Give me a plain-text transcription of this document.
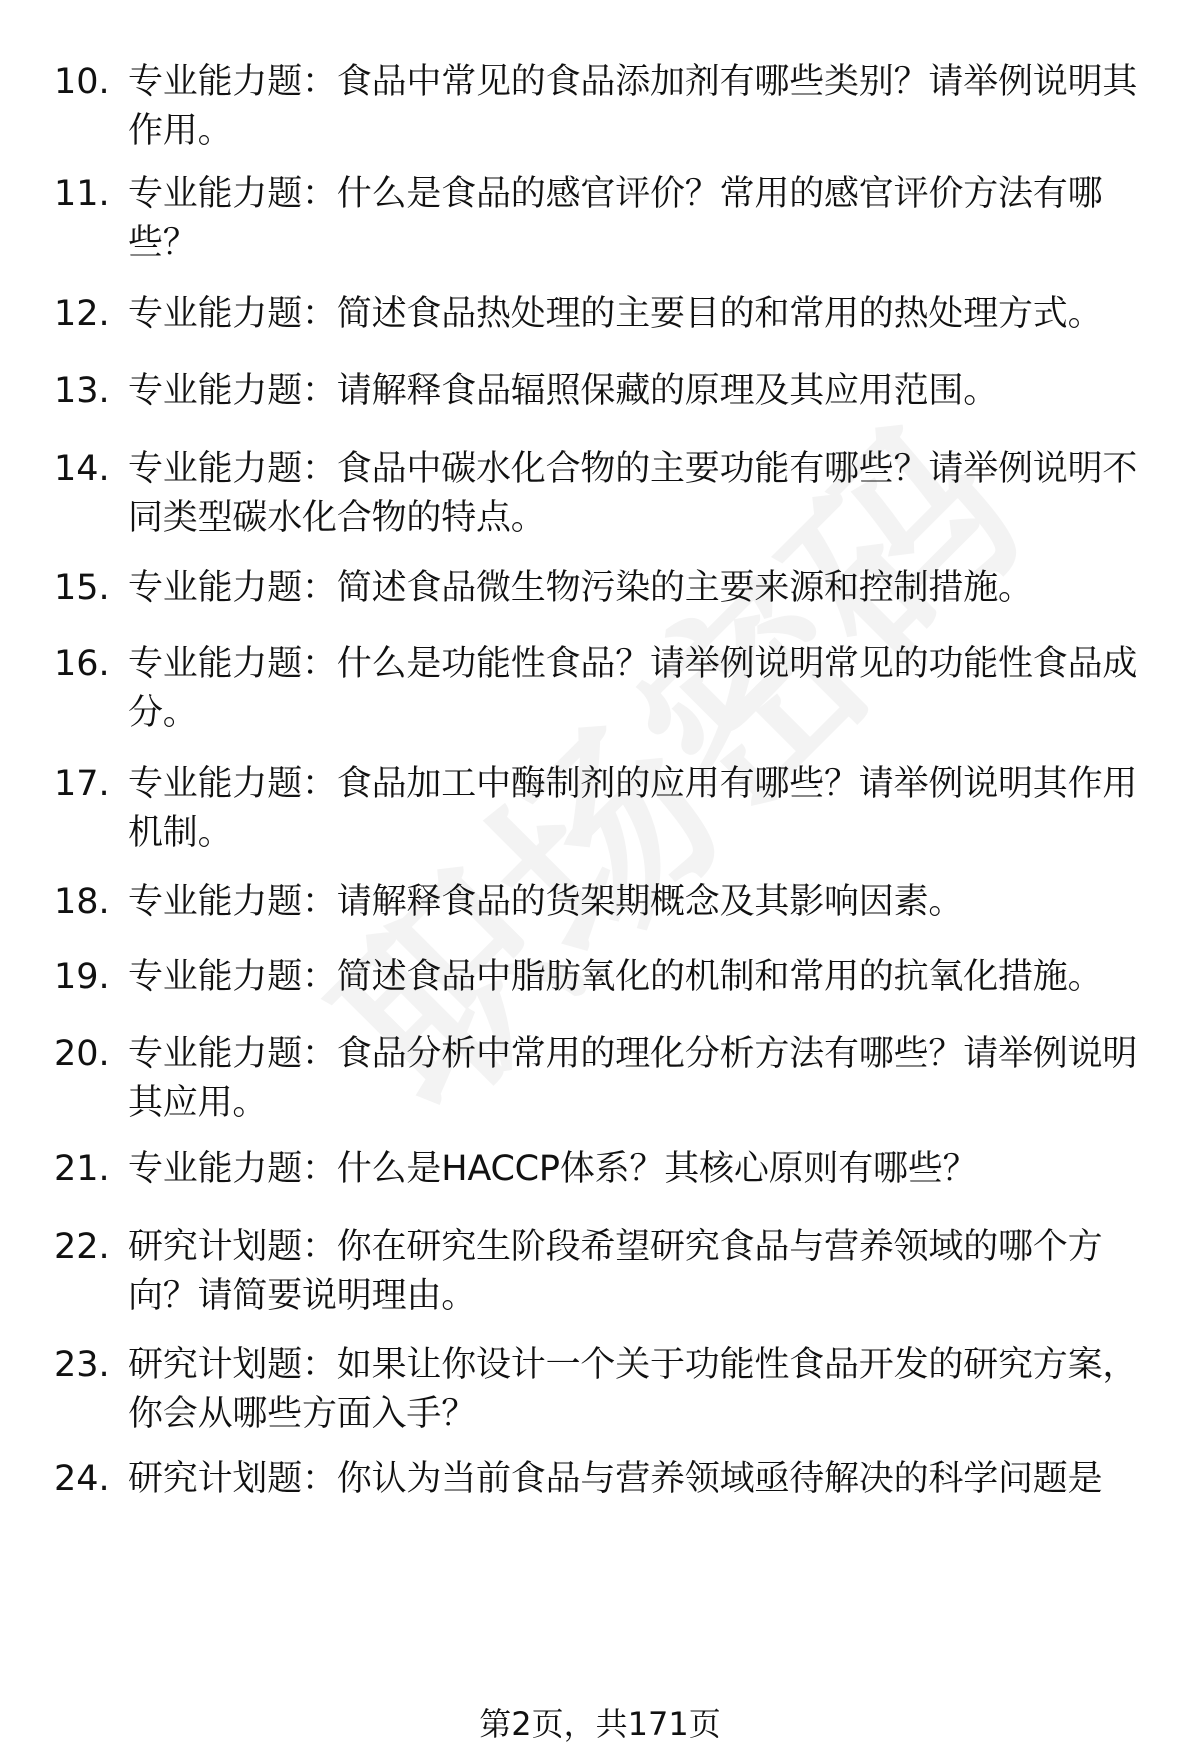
10. 专业能力题：食品中常见的食品添加剂有哪些类别？请举例说明其作用。
11. 专业能力题：什么是食品的感官评价？常用的感官评价方法有哪些？
12. 专业能力题：简述食品热处理的主要目的和常用的热处理方式。
13. 专业能力题：请解释食品辐照保藏的原理及其应用范围。
14. 专业能力题：食品中碳水化合物的主要功能有哪些？请举例说明不同类型碳水化合物的特点。
15. 专业能力题：简述食品微生物污染的主要来源和控制措施。
16. 专业能力题：什么是功能性食品？请举例说明常见的功能性食品成分。
17. 专业能力题：食品加工中酶制剂的应用有哪些？请举例说明其作用机制。
18. 专业能力题：请解释食品的货架期概念及其影响因素。
19. 专业能力题：简述食品中脂肪氧化的机制和常用的抗氧化措施。
20. 专业能力题：食品分析中常用的理化分析方法有哪些？请举例说明其应用。
21. 专业能力题：什么是HACCP体系？其核心原则有哪些？
22. 研究计划题：你在研究生阶段希望研究食品与营养领域的哪个方向？请简要说明理由。
23. 研究计划题：如果让你设计一个关于功能性食品开发的研究方案，你会从哪些方面入手？
24. 研究计划题：你认为当前食品与营养领域亟待解决的科学问题是
第2页，共171页
